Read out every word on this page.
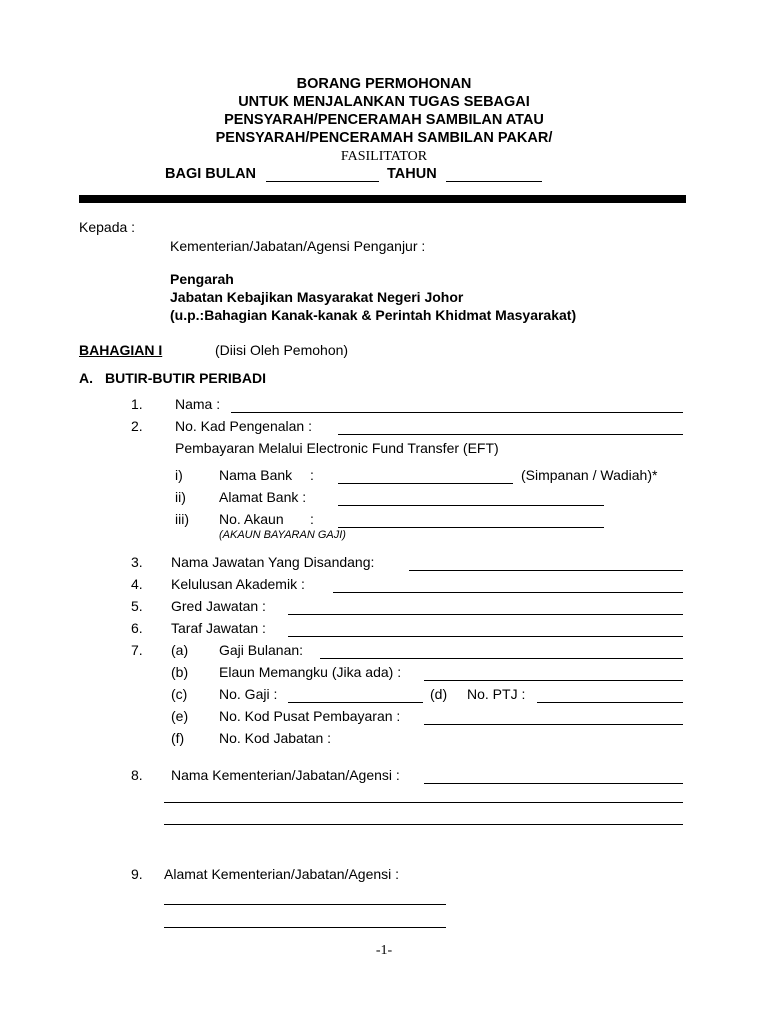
BORANG PERMOHONAN
UNTUK MENJALANKAN TUGAS SEBAGAI
PENSYARAH/PENCERAMAH SAMBILAN ATAU
PENSYARAH/PENCERAMAH SAMBILAN PAKAR/
FASILITATOR
BAGI BULAN	TAHUN
Kepada :
Kementerian/Jabatan/Agensi Penganjur :
Pengarah
Jabatan Kebajikan Masyarakat Negeri Johor
(u.p.:Bahagian Kanak-kanak & Perintah Khidmat Masyarakat)
BAHAGIAN I	(Diisi Oleh Pemohon)
A. BUTIR-BUTIR PERIBADI
1. Nama :
2. No. Kad Pengenalan :
Pembayaran Melalui Electronic Fund Transfer (EFT)
i)	Nama Bank :	(Simpanan / Wadiah)*
ii) Alamat Bank :
iii) No. Akaun :
(AKAUN BAYARAN GAJI)
3. Nama Jawatan Yang Disandang:
4. Kelulusan Akademik :
5. Gred Jawatan :
6. Taraf Jawatan :
7. (a) Gaji Bulanan:
(b) Elaun Memangku (Jika ada) :
(c) No. Gaji :	(d) No. PTJ :
(e) No. Kod Pusat Pembayaran :
(f) No. Kod Jabatan :
8. Nama Kementerian/Jabatan/Agensi :
9. Alamat Kementerian/Jabatan/Agensi :
-1-
